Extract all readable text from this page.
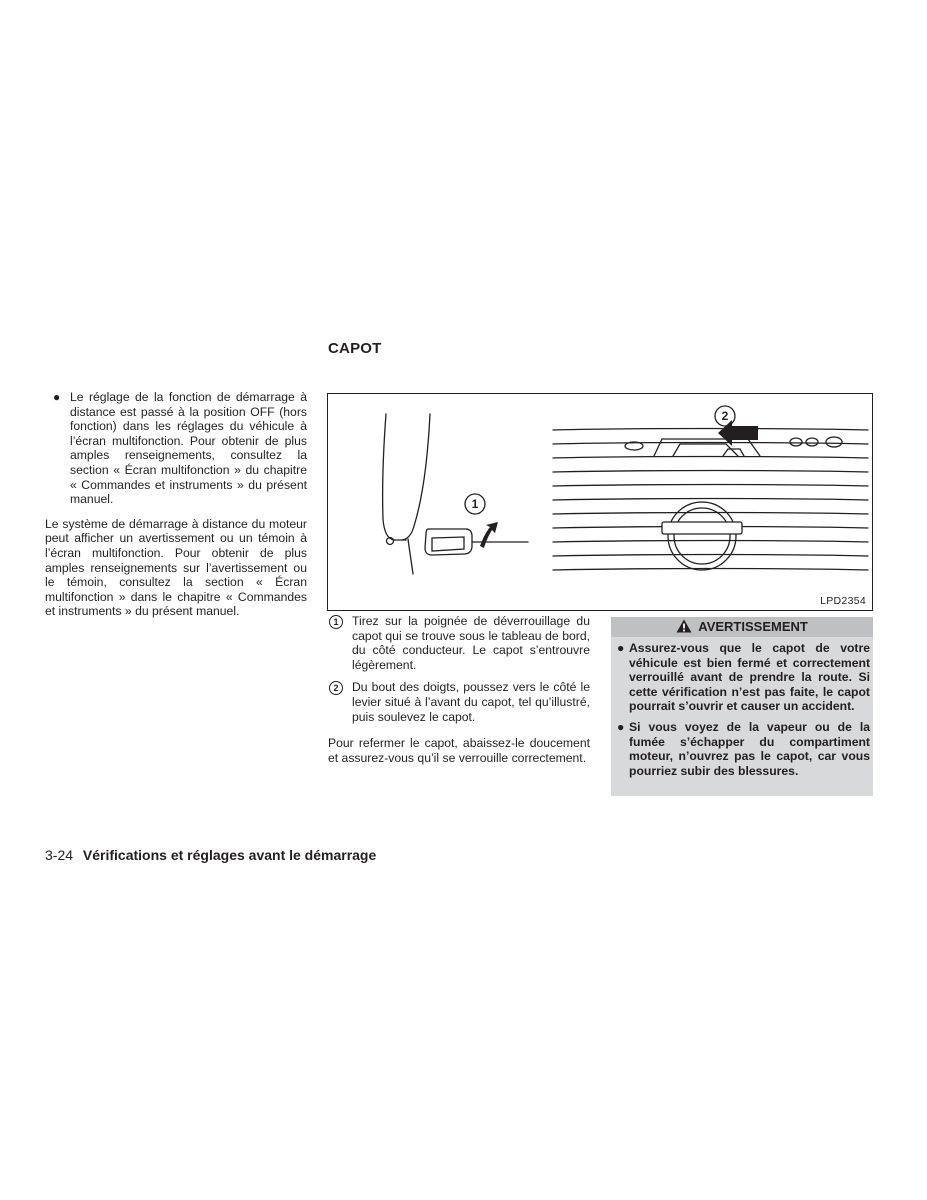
CAPOT
● Le réglage de la fonction de démarrage à distance est passé à la position OFF (hors fonction) dans les réglages du véhicule à l’écran multifonction. Pour obtenir de plus amples renseignements, consultez la section « Écran multifonction » du chapitre « Commandes et instruments » du présent manuel.

Le système de démarrage à distance du moteur peut afficher un avertissement ou un témoin à l’écran multifonction. Pour obtenir de plus amples renseignements sur l’avertissement ou le témoin, consultez la section « Écran multifonction » dans le chapitre « Commandes et instruments » du présent manuel.

1
2
LPD2354
1	Tirez sur la poignée de déverrouillage du capot qui se trouve sous le tableau de bord, du côté conducteur. Le capot s’entrouvre légèrement.

2	Du bout des doigts, poussez vers le côté le levier situé à l’avant du capot, tel qu’illustré, puis soulevez le capot.

Pour refermer le capot, abaissez-le doucement et assurez-vous qu’il se verrouille correctement.

AVERTISSEMENT
● Assurez-vous que le capot de votre véhicule est bien fermé et correctement verrouillé avant de prendre la route. Si cette vérification n’est pas faite, le capot pourrait s’ouvrir et causer un accident.

● Si vous voyez de la vapeur ou de la fumée s’échapper du compartiment moteur, n’ouvrez pas le capot, car vous pourriez subir des blessures.

3-24 Vérifications et réglages avant le démarrage
